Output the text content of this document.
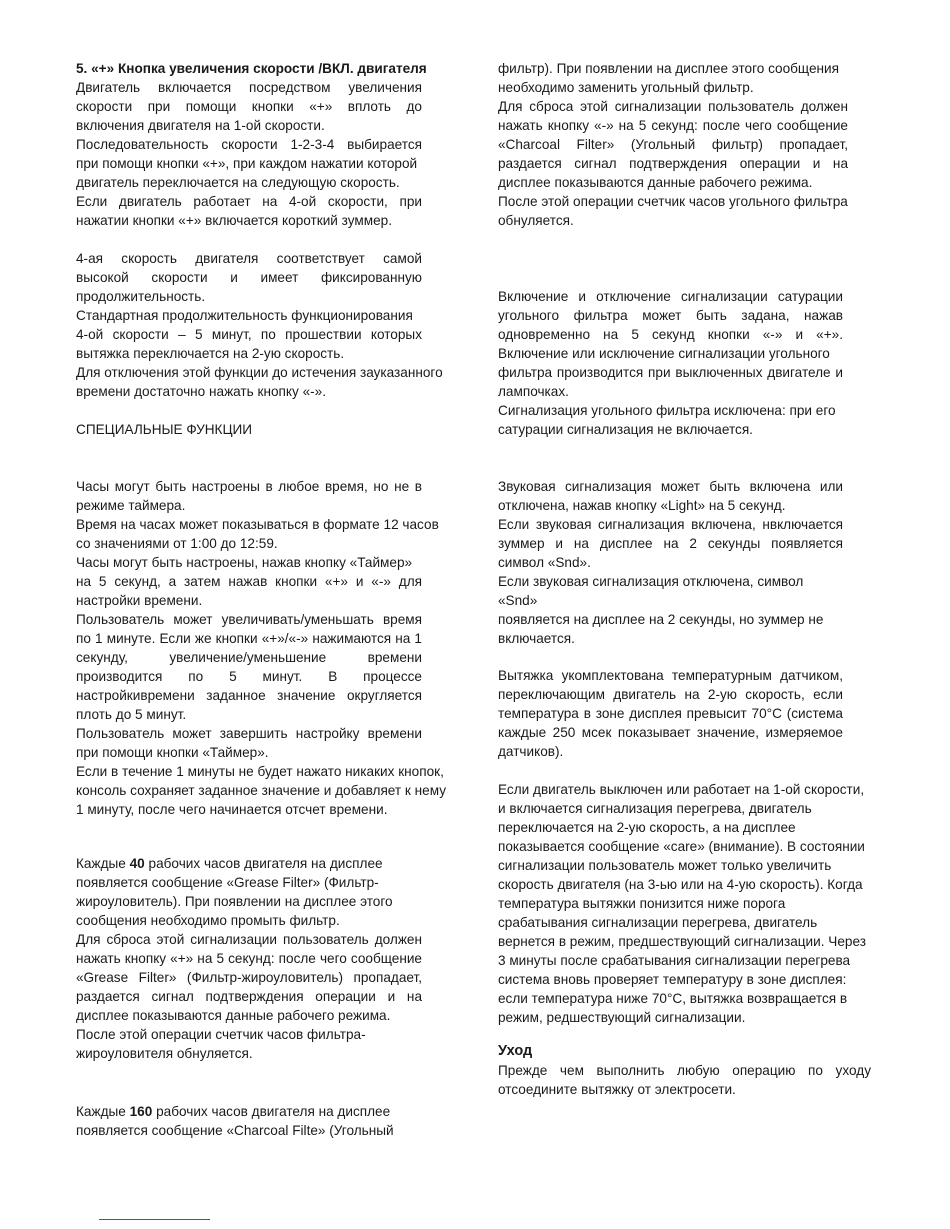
5. «+» Кнопка увеличения скорости /ВКЛ. двигателя

Двигатель включается посредством увеличения

скорости при помощи кнопки «+» вплоть до

включения двигателя на 1-ой скорости.

Последовательность скорости 1-2-3-4 выбирается

при помощи кнопки «+», при каждом нажатии которой

двигатель переключается на следующую скорость.

Если двигатель работает на 4-ой скорости, при

нажатии кнопки «+» включается короткий зуммер.

4-ая скорость двигателя соответствует самой

высокой скорости и имеет фиксированную

продолжительность.

Стандартная продолжительность функционирования

4-ой скорости – 5 минут, по прошествии которых

вытяжка переключается на 2-ую скорость.

Для отключения этой функции до истечения зауказанного

времени достаточно нажать кнопку «-».

СПЕЦИАЛЬНЫЕ ФУНКЦИИ

Часы могут быть настроены в любое время, но не в

режиме таймера.

Время на часах может показываться в формате 12 часов

со значениями от 1:00 до 12:59.

Часы могут быть настроены, нажав кнопку «Таймер»

на 5 секунд, а затем нажав кнопки «+» и «-» для

настройки времени.

Пользователь может увеличивать/уменьшать время

по 1 минуте. Если же кнопки «+»/«-» нажимаются на 1

секунду, увеличение/уменьшение времени

производится по 5 минут. В процессе

настройкивремени заданное значение округляется

плоть до 5 минут.

Пользователь может завершить настройку времени

при помощи кнопки «Таймер».

Если в течение 1 минуты не будет нажато никаких кнопок,

консоль сохраняет заданное значение и добавляет к нему

1 минуту, после чего начинается отсчет времени.

Каждые 40 рабочих часов двигателя на дисплее

появляется сообщение «Grease Filter» (Фильтр-

жироуловитель). При появлении на дисплее этого

сообщения необходимо промыть фильтр.

Для сброса этой сигнализации пользователь должен

нажать кнопку «+» на 5 секунд: после чего сообщение

«Grease Filter» (Фильтр-жироуловитель) пропадает,

раздается сигнал подтверждения операции и на

дисплее показываются данные рабочего режима.

После этой операции счетчик часов фильтра-

жироуловителя обнуляется.

Каждые 160 рабочих часов двигателя на дисплее

появляется сообщение «Charcoal Filte» (Угольный

фильтр). При появлении на дисплее этого сообщения

необходимо заменить угольный фильтр.

Для сброса этой сигнализации пользователь должен

нажать кнопку «-» на 5 секунд: после чего сообщение

«Charcoal Filter» (Угольный фильтр) пропадает,

раздается сигнал подтверждения операции и на

дисплее показываются данные рабочего режима.

После этой операции счетчик часов угольного фильтра

обнуляется.

Включение и отключение сигнализации сатурации

угольного фильтра может быть задана, нажав

одновременно на 5 секунд кнопки «-» и «+».

Включение или исключение сигнализации угольного

фильтра производится при выключенных двигателе и

лампочках.

Сигнализация угольного фильтра исключена: при его

сатурации сигнализация не включается.

Звуковая сигнализация может быть включена или

отключена, нажав кнопку «Light» на 5 секунд.

Если звуковая сигнализация включена, нвключается

зуммер и на дисплее на 2 секунды появляется

символ «Snd».

Если звуковая сигнализация отключена, символ «Snd»

появляется на дисплее на 2 секунды, но зуммер не

включается.

Вытяжка укомплектована температурным датчиком,

переключающим двигатель на 2-ую скорость, если

температура в зоне дисплея превысит 70°С (система

каждые 250 мсек показывает значение, измеряемое

датчиков).

Если двигатель выключен или работает на 1-ой скорости,

и включается сигнализация перегрева, двигатель

переключается на 2-ую скорость, а на дисплее

показывается сообщение «care» (внимание). В состоянии

сигнализации пользователь может только увеличить

скорость двигателя (на 3-ью или на 4-ую скорость). Когда

температура вытяжки понизится ниже порога

срабатывания сигнализации перегрева, двигатель

вернется в режим, предшествующий сигнализации. Через

3 минуты после срабатывания сигнализации перегрева

система вновь проверяет температуру в зоне дисплея:

если температура ниже 70°С, вытяжка возвращается в

режим, редшествующий сигнализации.

Уход

Прежде чем выполнить любую операцию по уходу

отсоедините вытяжку от электросети.
